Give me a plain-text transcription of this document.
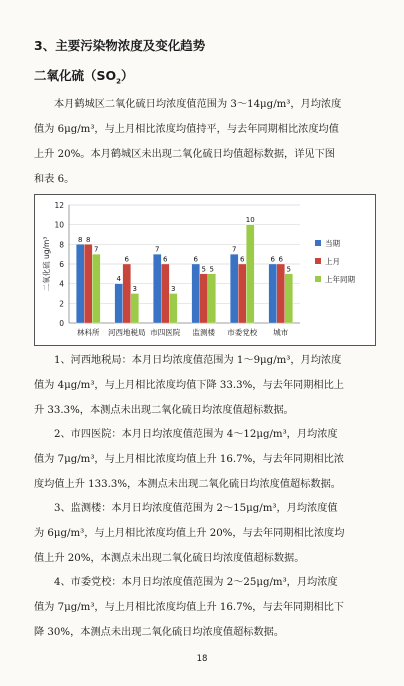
3、主要污染物浓度及变化趋势
二氧化硫$(SO_2)$
本月鹤城区二氧化硫日均浓度值范围为 3～14μg/m³，月均浓度
值为 6μg/m³，与上月相比浓度均值持平，与去年同期相比浓度均值
上升 20%。本月鹤城区未出现二氧化硫日均值超标数据，详见下图
和表 6。
0
2
4
6
8
10
12
二氧化硫 ug/m³	8 8
7
林科所
4
6
3
河西地税局
7
6
3
市四医院
6
5 5
监测楼
7
6
10
市委党校
6 6
5
城市
当期
上月
上年同期
1、河西地税局：本月日均浓度值范围为 1～9μg/m³，月均浓度
值为 4μg/m³，与上月相比浓度均值下降 33.3%，与去年同期相比上
升 33.3%，本测点未出现二氧化硫日均浓度值超标数据。
2、市四医院：本月日均浓度值范围为 4～12μg/m³，月均浓度
值为 7μg/m³，与上月相比浓度均值上升 16.7%，与去年同期相比浓
度均值上升 133.3%，本测点未出现二氧化硫日均浓度值超标数据。
3、监测楼：本月日均浓度值范围为 2～15μg/m³，月均浓度值
为 6μg/m³，与上月相比浓度均值上升 20%，与去年同期相比浓度均
值上升 20%，本测点未出现二氧化硫日均浓度值超标数据。
4、市委党校：本月日均浓度值范围为 2～25μg/m³，月均浓度
值为 7μg/m³，与上月相比浓度均值上升 16.7%，与去年同期相比下
降 30%，本测点未出现二氧化硫日均浓度值超标数据。
18
